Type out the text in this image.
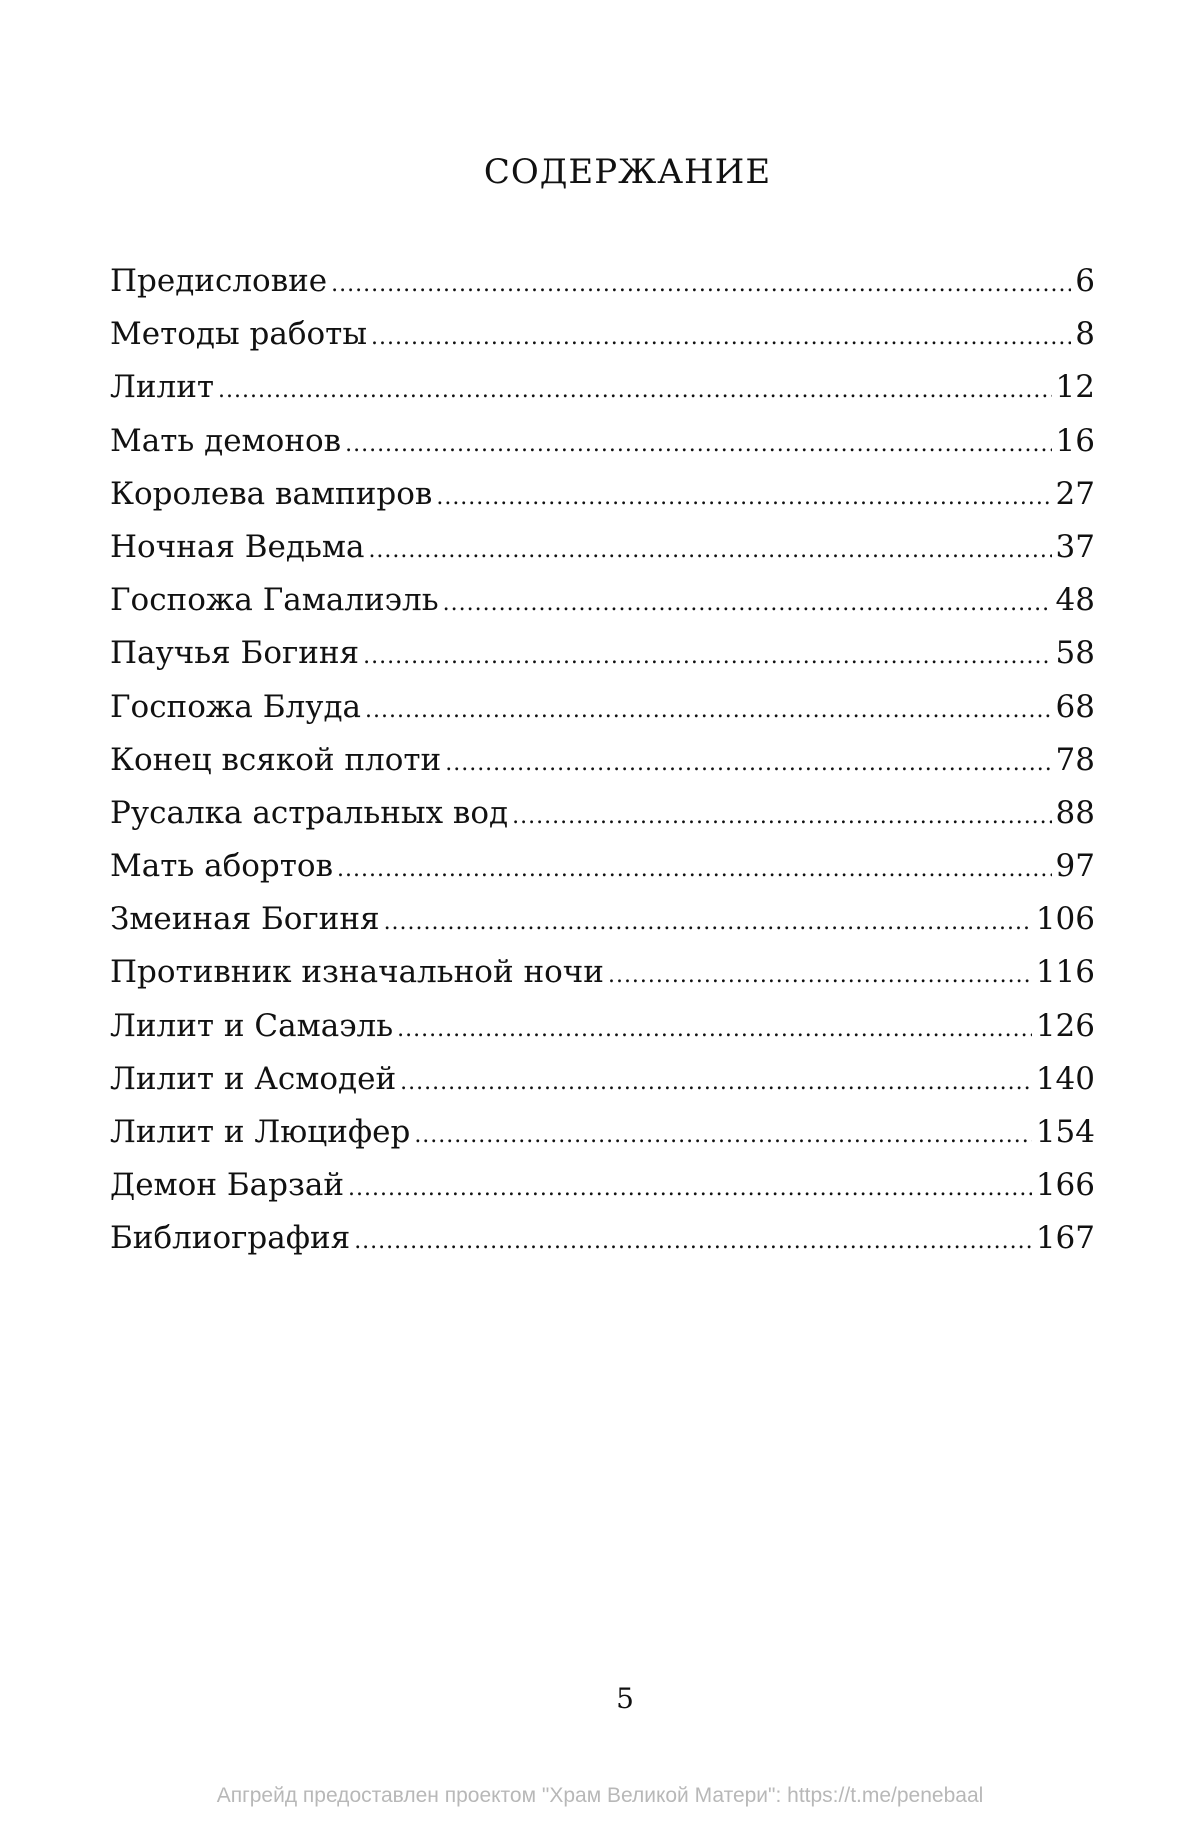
СОДЕРЖАНИЕ
Предисловие .....	6
Методы работы .....	8
Лилит .....	12
Мать демонов .....	16
Королева вампиров .....	27
Ночная Ведьма .....	37
Госпожа Гамалиэль .....	48
Паучья Богиня .....	58
Госпожа Блуда .....	68
Конец всякой плоти .....	78
Русалка астральных вод .....	88
Мать абортов .....	97
Змеиная Богиня .....	106
Противник изначальной ночи .....	116
Лилит и Самаэль .....	126
Лилит и Асмодей .....	140
Лилит и Люцифер .....	154
Демон Барзай .....	166
Библиография .....	167
5
Апгрейд предоставлен проектом "Храм Великой Матери": https://t.me/penebaal
